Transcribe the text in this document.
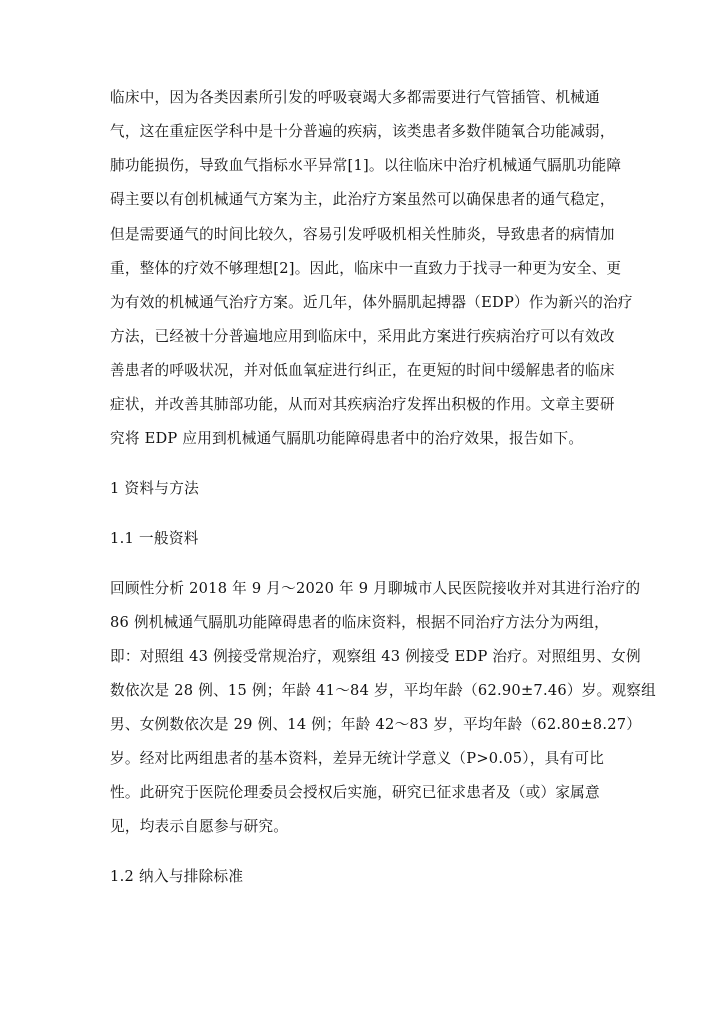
临床中，因为各类因素所引发的呼吸衰竭大多都需要进行气管插管、机械通
气，这在重症医学科中是十分普遍的疾病，该类患者多数伴随氧合功能减弱，
肺功能损伤，导致血气指标水平异常[1]。以往临床中治疗机械通气膈肌功能障
碍主要以有创机械通气方案为主，此治疗方案虽然可以确保患者的通气稳定，
但是需要通气的时间比较久，容易引发呼吸机相关性肺炎，导致患者的病情加
重，整体的疗效不够理想[2]。因此，临床中一直致力于找寻一种更为安全、更
为有效的机械通气治疗方案。近几年，体外膈肌起搏器（EDP）作为新兴的治疗
方法，已经被十分普遍地应用到临床中，采用此方案进行疾病治疗可以有效改
善患者的呼吸状况，并对低血氧症进行纠正，在更短的时间中缓解患者的临床
症状，并改善其肺部功能，从而对其疾病治疗发挥出积极的作用。文章主要研
究将 EDP 应用到机械通气膈肌功能障碍患者中的治疗效果，报告如下。
1 资料与方法
1.1 一般资料
回顾性分析 2018 年 9 月～2020 年 9 月聊城市人民医院接收并对其进行治疗的
86 例机械通气膈肌功能障碍患者的临床资料，根据不同治疗方法分为两组，
即：对照组 43 例接受常规治疗，观察组 43 例接受 EDP 治疗。对照组男、女例
数依次是 28 例、15 例；年龄 41～84 岁，平均年龄（62.90±7.46）岁。观察组
男、女例数依次是 29 例、14 例；年龄 42～83 岁，平均年龄（62.80±8.27）
岁。经对比两组患者的基本资料，差异无统计学意义（P>0.05），具有可比
性。此研究于医院伦理委员会授权后实施，研究已征求患者及（或）家属意
见，均表示自愿参与研究。
1.2 纳入与排除标准
